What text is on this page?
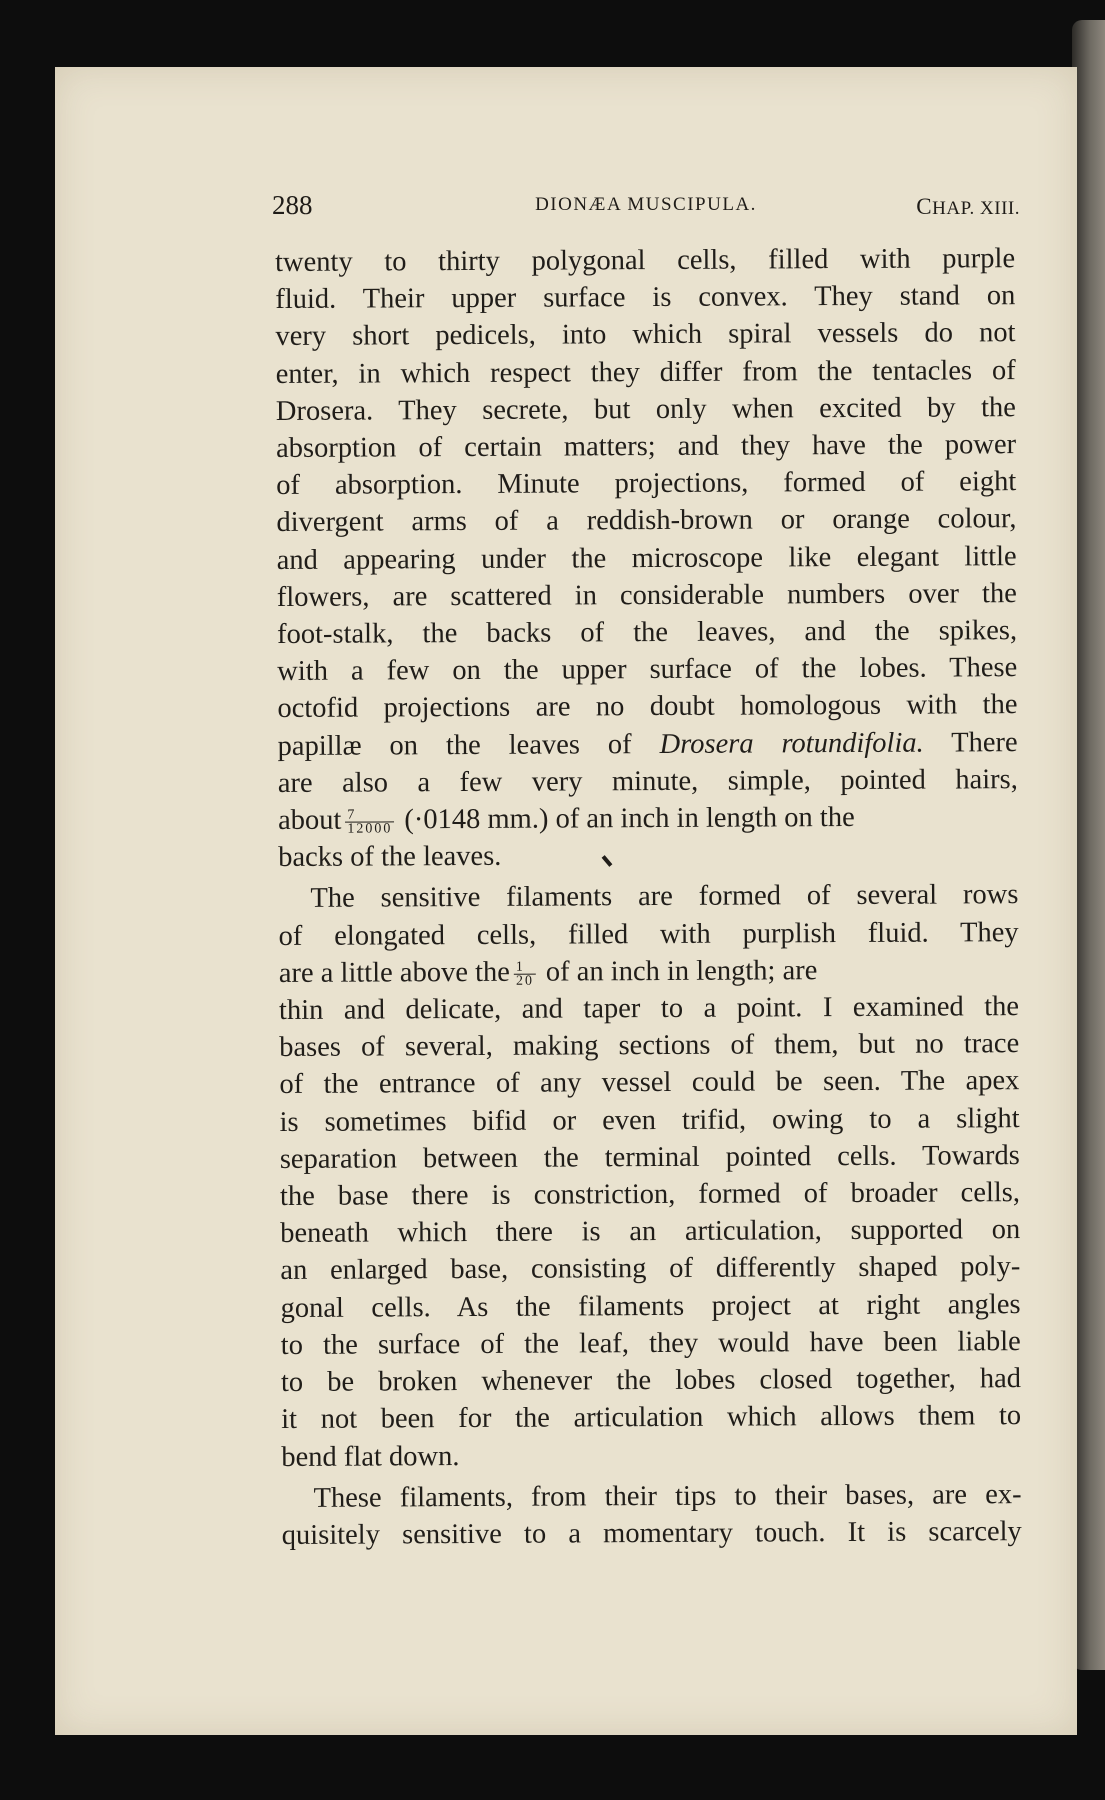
288	DIONÆA MUSCIPULA.	CHAP. XIII.
twenty to thirty polygonal cells, filled with purple
fluid. Their upper surface is convex. They stand on
very short pedicels, into which spiral vessels do not
enter, in which respect they differ from the tentacles of
Drosera. They secrete, but only when excited by the
absorption of certain matters; and they have the power
of absorption. Minute projections, formed of eight
divergent arms of a reddish-brown or orange colour,
and appearing under the microscope like elegant little
flowers, are scattered in considerable numbers over the
foot-stalk, the backs of the leaves, and the spikes,
with a few on the upper surface of the lobes. These
octofid projections are no doubt homologous with the
papillæ on the leaves of Drosera rotundifolia. There
are also a few very minute, simple, pointed hairs,
about $\frac{7}{12000} (\cdot 0148$ mm.) of an inch in length on the
backs of the leaves.
The sensitive filaments are formed of several rows
of elongated cells, filled with purplish fluid. They
are a little above the $\frac{1}{20}$ of an inch in length; are
thin and delicate, and taper to a point. I examined the
bases of several, making sections of them, but no trace
of the entrance of any vessel could be seen. The apex
is sometimes bifid or even trifid, owing to a slight
separation between the terminal pointed cells. Towards
the base there is constriction, formed of broader cells,
beneath which there is an articulation, supported on
an enlarged base, consisting of differently shaped poly-
gonal cells. As the filaments project at right angles
to the surface of the leaf, they would have been liable
to be broken whenever the lobes closed together, had
it not been for the articulation which allows them to
bend flat down.
These filaments, from their tips to their bases, are ex-
quisitely sensitive to a momentary touch. It is scarcely
